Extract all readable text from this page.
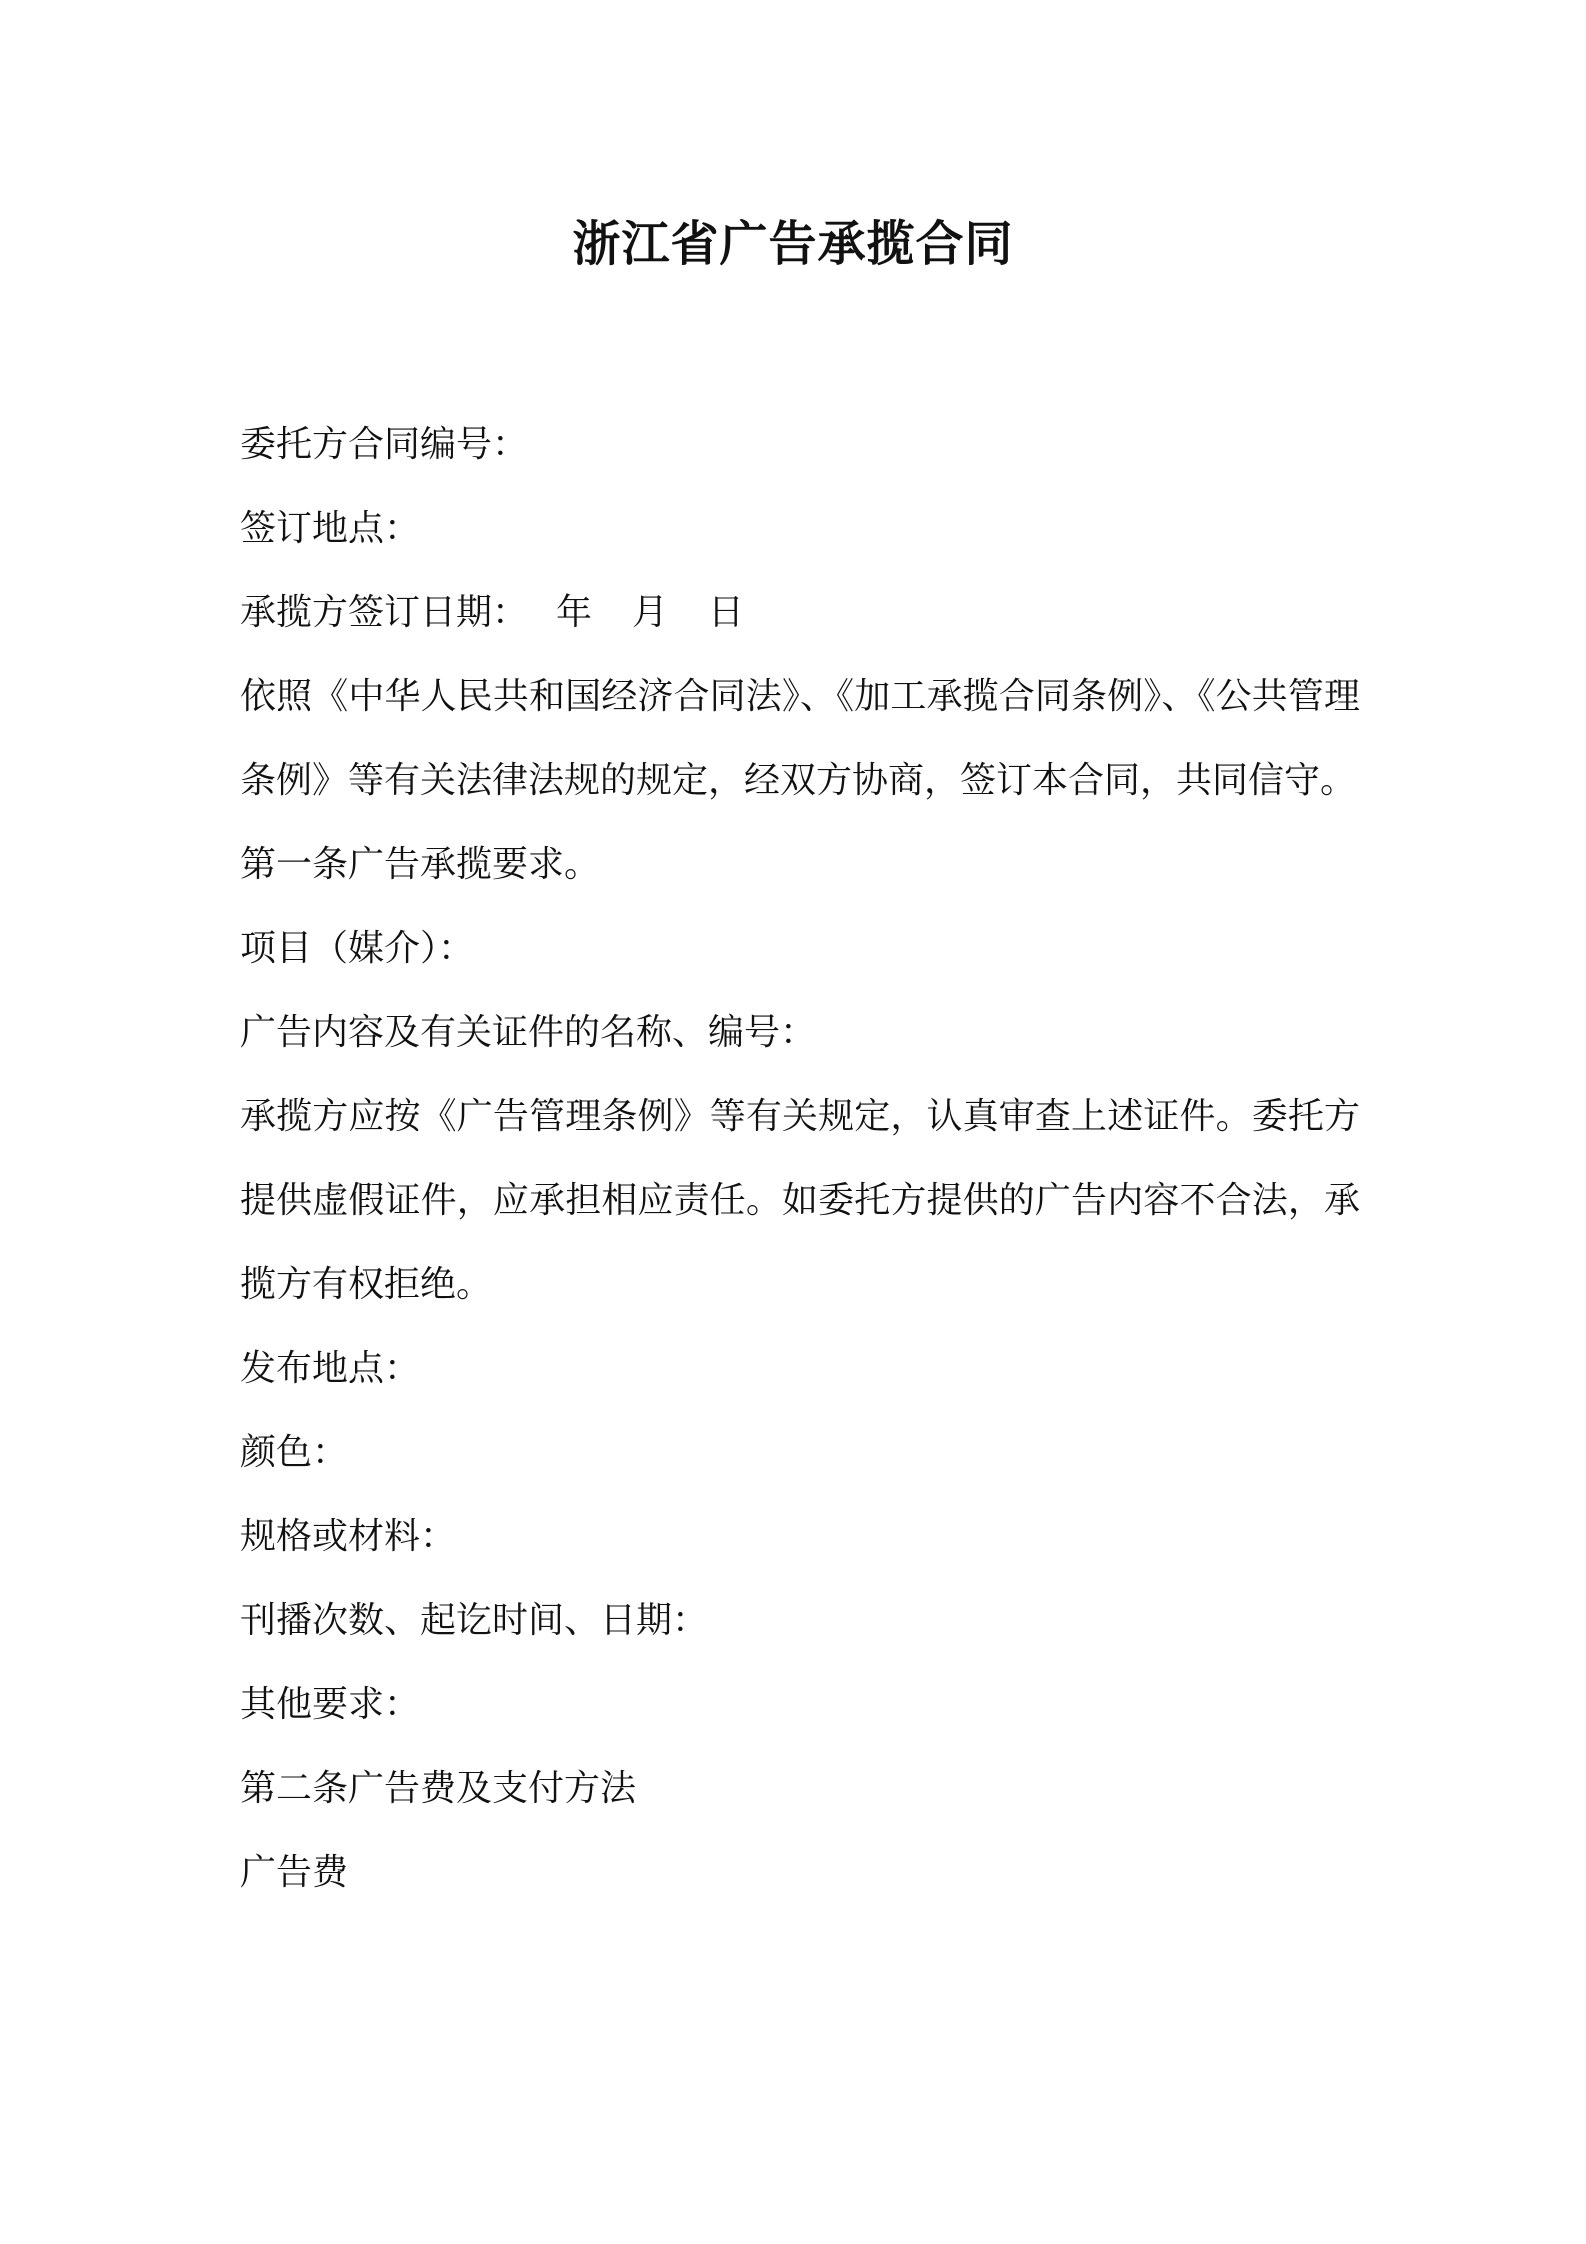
浙江省广告承揽合同

委托方合同编号：

签订地点：

承揽方签订日期： 年 月 日

依照《中华人民共和国经济合同法》、《加工承揽合同条例》、《公共管理条例》等有关法律法规的规定，经双方协商，签订本合同，共同信守。

第一条广告承揽要求。

项目（媒介）：

广告内容及有关证件的名称、编号：

承揽方应按《广告管理条例》等有关规定，认真审查上述证件。委托方提供虚假证件，应承担相应责任。如委托方提供的广告内容不合法，承揽方有权拒绝。

发布地点：

颜色：

规格或材料：

刊播次数、起讫时间、日期：

其他要求：

第二条广告费及支付方法

广告费
